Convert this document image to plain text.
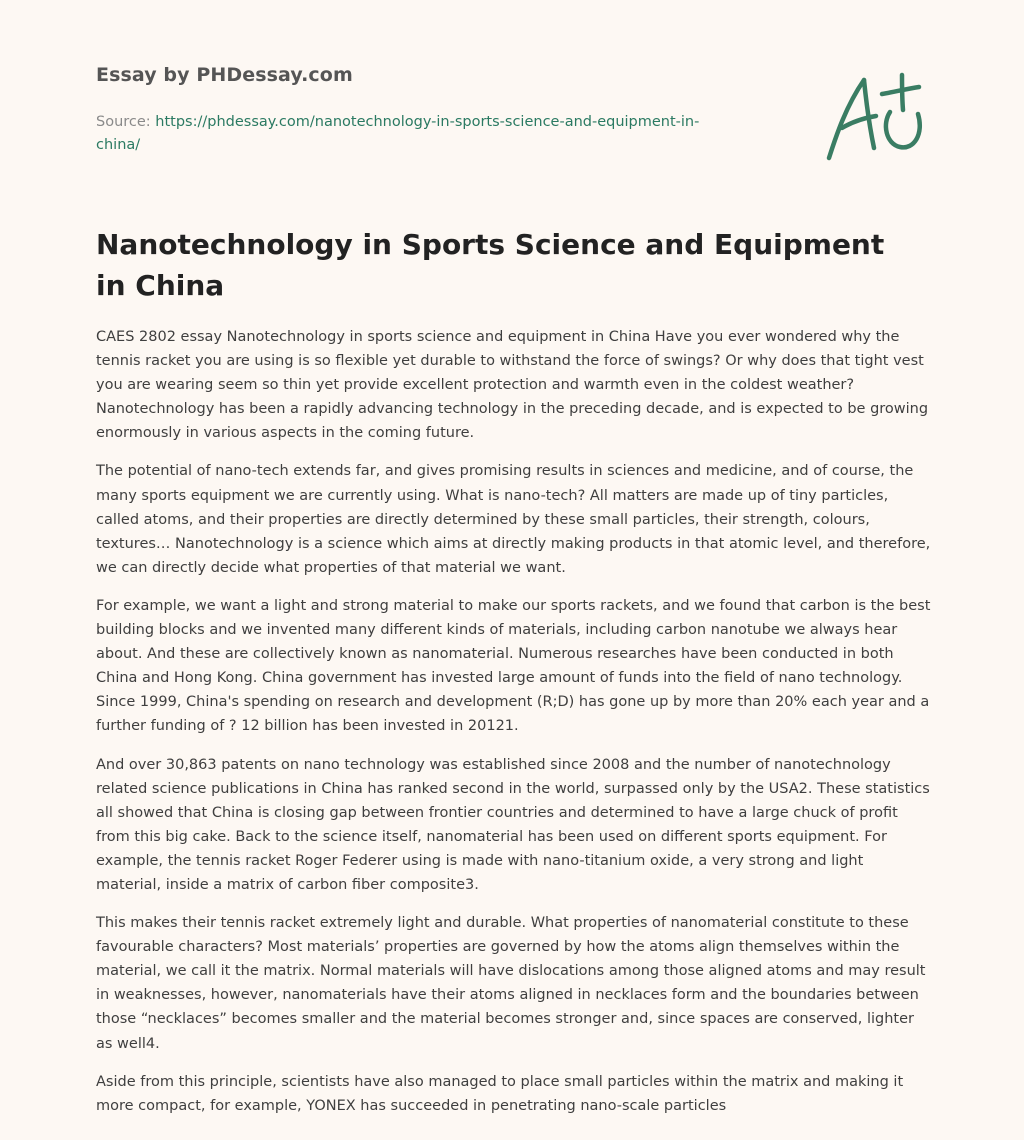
Essay by PHDessay.com
Source: https://phdessay.com/nanotechnology-in-sports-science-and-equipment-in-china/
Nanotechnology in Sports Science and Equipment in China

CAES 2802 essay Nanotechnology in sports science and equipment in China Have you ever wondered why the tennis racket you are using is so flexible yet durable to withstand the force of swings? Or why does that tight vest you are wearing seem so thin yet provide excellent protection and warmth even in the coldest weather? Nanotechnology has been a rapidly advancing technology in the preceding decade, and is expected to be growing enormously in various aspects in the coming future.

The potential of nano-tech extends far, and gives promising results in sciences and medicine, and of course, the many sports equipment we are currently using. What is nano-tech? All matters are made up of tiny particles, called atoms, and their properties are directly determined by these small particles, their strength, colours, textures… Nanotechnology is a science which aims at directly making products in that atomic level, and therefore, we can directly decide what properties of that material we want.

For example, we want a light and strong material to make our sports rackets, and we found that carbon is the best building blocks and we invented many different kinds of materials, including carbon nanotube we always hear about. And these are collectively known as nanomaterial. Numerous researches have been conducted in both China and Hong Kong. China government has invested large amount of funds into the field of nano technology. Since 1999, China's spending on research and development (R;D) has gone up by more than 20% each year and a further funding of ? 12 billion has been invested in 20121.

And over 30,863 patents on nano technology was established since 2008 and the number of nanotechnology related science publications in China has ranked second in the world, surpassed only by the USA2. These statistics all showed that China is closing gap between frontier countries and determined to have a large chuck of profit from this big cake. Back to the science itself, nanomaterial has been used on different sports equipment. For example, the tennis racket Roger Federer using is made with nano-titanium oxide, a very strong and light material, inside a matrix of carbon fiber composite3.

This makes their tennis racket extremely light and durable. What properties of nanomaterial constitute to these favourable characters? Most materials’ properties are governed by how the atoms align themselves within the material, we call it the matrix. Normal materials will have dislocations among those aligned atoms and may result in weaknesses, however, nanomaterials have their atoms aligned in necklaces form and the boundaries between those “necklaces” becomes smaller and the material becomes stronger and, since spaces are conserved, lighter as well4.

Aside from this principle, scientists have also managed to place small particles within the matrix and making it more compact, for example, YONEX has succeeded in penetrating nano-scale particles
